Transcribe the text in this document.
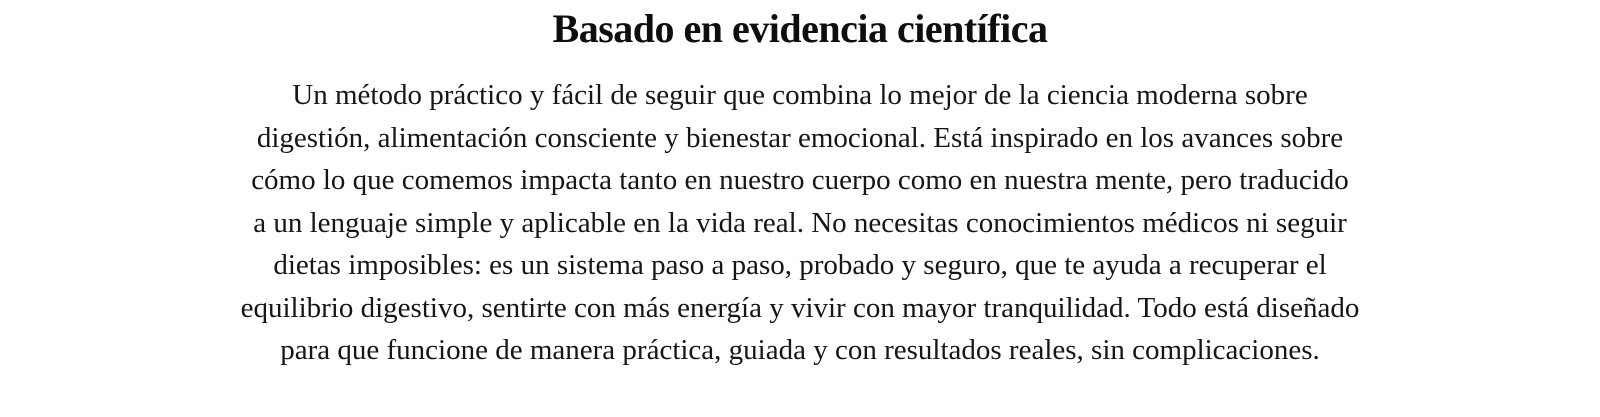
Basado en evidencia científica
Un método práctico y fácil de seguir que combina lo mejor de la ciencia moderna sobre
digestión, alimentación consciente y bienestar emocional. Está inspirado en los avances sobre
cómo lo que comemos impacta tanto en nuestro cuerpo como en nuestra mente, pero traducido
a un lenguaje simple y aplicable en la vida real. No necesitas conocimientos médicos ni seguir
dietas imposibles: es un sistema paso a paso, probado y seguro, que te ayuda a recuperar el
equilibrio digestivo, sentirte con más energía y vivir con mayor tranquilidad. Todo está diseñado
para que funcione de manera práctica, guiada y con resultados reales, sin complicaciones.
